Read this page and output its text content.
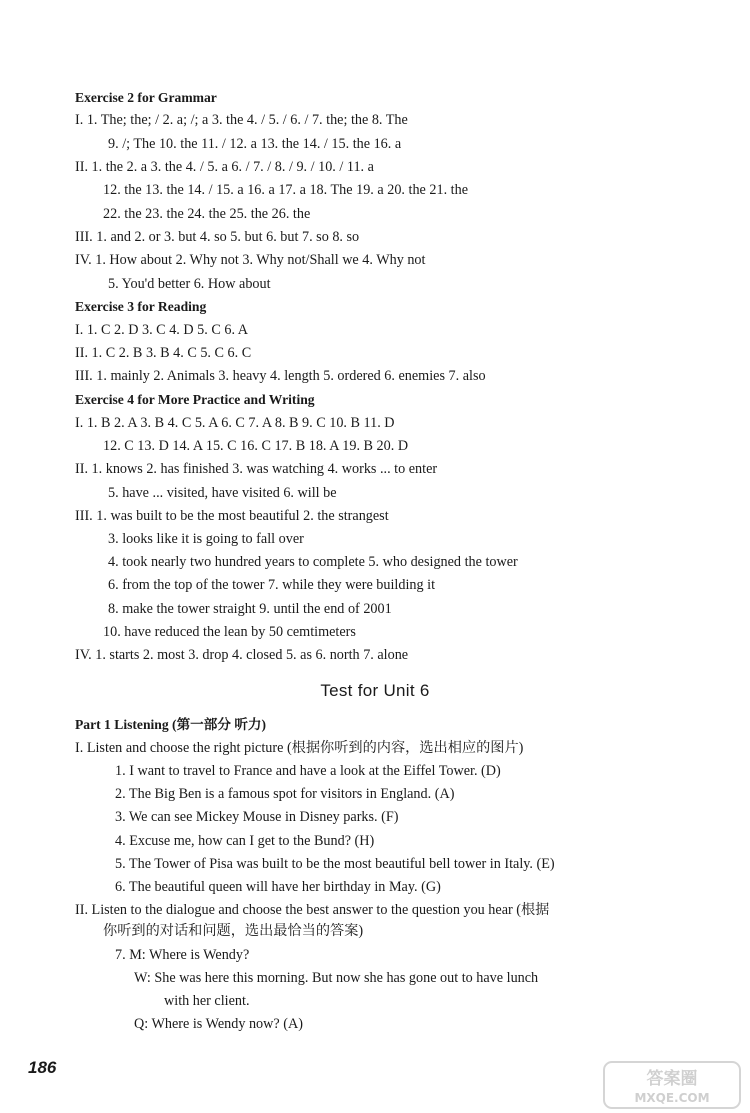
Exercise 2 for Grammar
I. 1. The; the; / 2. a; /; a 3. the 4. / 5. / 6. / 7. the; the 8. The
9. /; The 10. the 11. / 12. a 13. the 14. / 15. the 16. a
II. 1. the 2. a 3. the 4. / 5. a 6. / 7. / 8. / 9. / 10. / 11. a
12. the 13. the 14. / 15. a 16. a 17. a 18. The 19. a 20. the 21. the
22. the 23. the 24. the 25. the 26. the
III. 1. and 2. or 3. but 4. so 5. but 6. but 7. so 8. so
IV. 1. How about 2. Why not 3. Why not/Shall we 4. Why not
5. You'd better 6. How about
Exercise 3 for Reading
I. 1. C 2. D 3. C 4. D 5. C 6. A
II. 1. C 2. B 3. B 4. C 5. C 6. C
III. 1. mainly 2. Animals 3. heavy 4. length 5. ordered 6. enemies 7. also
Exercise 4 for More Practice and Writing
I. 1. B 2. A 3. B 4. C 5. A 6. C 7. A 8. B 9. C 10. B 11. D
12. C 13. D 14. A 15. C 16. C 17. B 18. A 19. B 20. D
II. 1. knows 2. has finished 3. was watching 4. works ... to enter
5. have ... visited, have visited 6. will be
III. 1. was built to be the most beautiful 2. the strangest
3. looks like it is going to fall over
4. took nearly two hundred years to complete 5. who designed the tower
6. from the top of the tower 7. while they were building it
8. make the tower straight 9. until the end of 2001
10. have reduced the lean by 50 cemtimeters
IV. 1. starts 2. most 3. drop 4. closed 5. as 6. north 7. alone
Test for Unit 6
Part 1 Listening (第一部分 听力)
I. Listen and choose the right picture (根据你听到的内容，选出相应的图片)
1. I want to travel to France and have a look at the Eiffel Tower. (D)
2. The Big Ben is a famous spot for visitors in England. (A)
3. We can see Mickey Mouse in Disney parks. (F)
4. Excuse me, how can I get to the Bund? (H)
5. The Tower of Pisa was built to be the most beautiful bell tower in Italy. (E)
6. The beautiful queen will have her birthday in May. (G)
II. Listen to the dialogue and choose the best answer to the question you hear (根据
你听到的对话和问题，选出最恰当的答案)
7. M: Where is Wendy?
W: She was here this morning. But now she has gone out to have lunch
with her client.
Q: Where is Wendy now? (A)
186
答案圈
MXQE.COM
